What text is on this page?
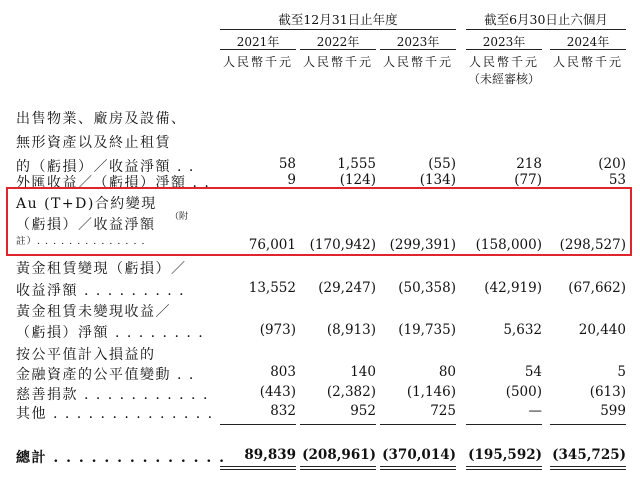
截至12月31日止年度	截至6月30日止六個月
2021年	2022年	2023年	2023年	2024年
人民幣千元 人民幣千元 人民幣千元 人民幣千元 人民幣千元
（未經審核）
出售物業、廠房及設備、
無形資產以及終止租賃
的（虧損）／收益淨額 . .	58	1,555	(55)	218	(20)
外匯收益／（虧損）淨額 . .	9	(124)	(134)	(77)	53
Au (T+D)合約變現
（虧損）／收益淨額 （附
註）. . . . . . . . . . . . . .	76,001	(170,942)	(299,391)	(158,000)	(298,527)
黃金租賃變現（虧損）／
收益淨額 . . . . . . . . .	13,552	(29,247)	(50,358)	(42,919)	(67,662)
黃金租賃未變現收益／
（虧損）淨額 . . . . . . . .	(973)	(8,913)	(19,735)	5,632	20,440
按公平值計入損益的
金融資產的公平值變動 . .	803	140	80	54	5
慈善捐款 . . . . . . . . . . .	(443)	(2,382)	(1,146)	(500)	(613)
其他 . . . . . . . . . . . . . .	832	952	725	—	599
總計 . . . . . . . . . . . . . .	89,839 (208,961) (370,014) (195,592) (345,725)
